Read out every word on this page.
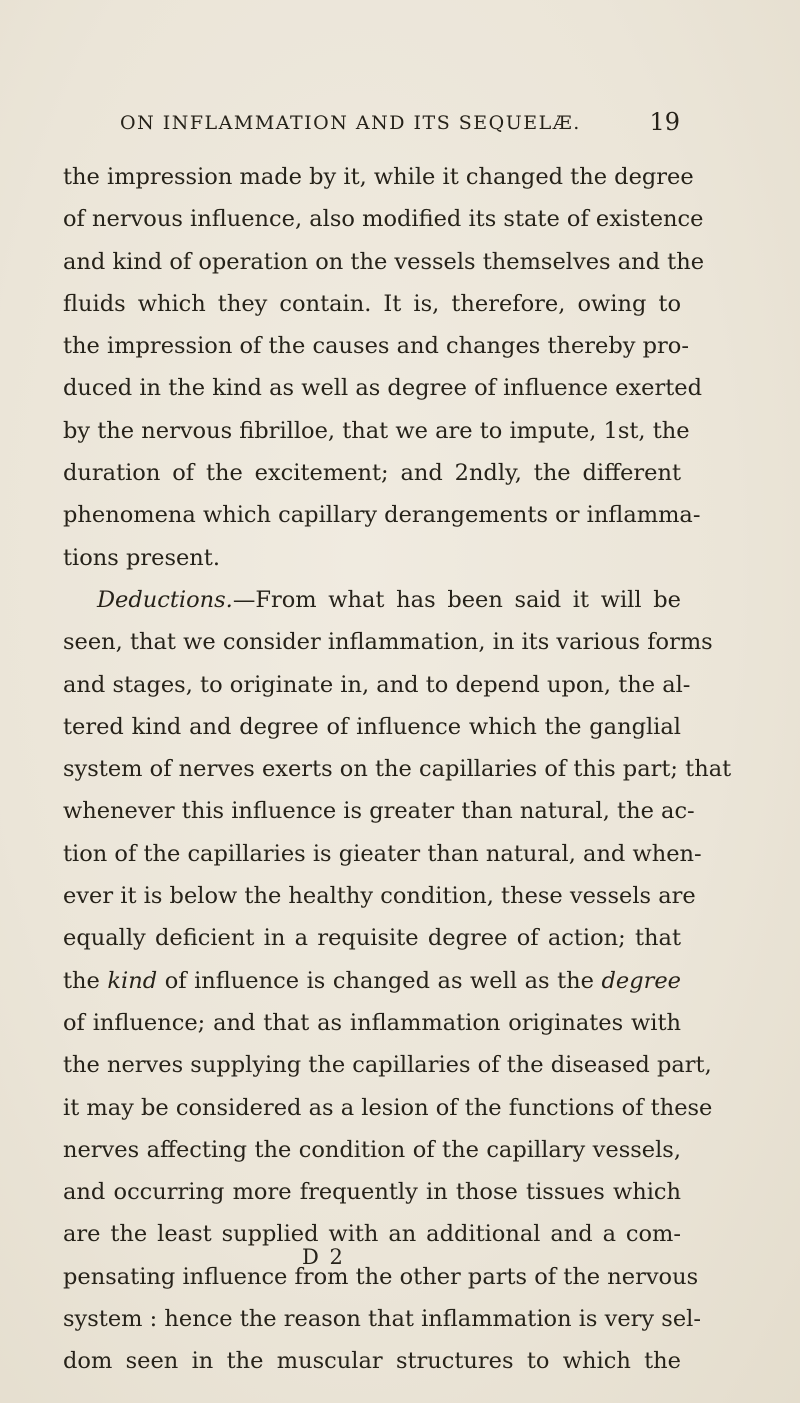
ON INFLAMMATION AND ITS SEQUELÆ.	19
the impression made by it, while it changed the degree
of nervous influence, also modified its state of existence
and kind of operation on the vessels themselves and the
fluids which they contain. It is, therefore, owing to
the impression of the causes and changes thereby pro-
duced in the kind as well as degree of influence exerted
by the nervous fibrilloe, that we are to impute, 1st, the
duration of the excitement; and 2ndly, the different
phenomena which capillary derangements or inflamma-
tions present.
Deductions.—From what has been said it will be
seen, that we consider inflammation, in its various forms
and stages, to originate in, and to depend upon, the al-
tered kind and degree of influence which the ganglial
system of nerves exerts on the capillaries of this part; that
whenever this influence is greater than natural, the ac-
tion of the capillaries is gieater than natural, and when-
ever it is below the healthy condition, these vessels are
equally deficient in a requisite degree of action; that
the kind of influence is changed as well as the degree
of influence; and that as inflammation originates with
the nerves supplying the capillaries of the diseased part,
it may be considered as a lesion of the functions of these
nerves affecting the condition of the capillary vessels,
and occurring more frequently in those tissues which
are the least supplied with an additional and a com-
pensating influence from the other parts of the nervous
system : hence the reason that inflammation is very sel-
dom seen in the muscular structures to which the
D 2
